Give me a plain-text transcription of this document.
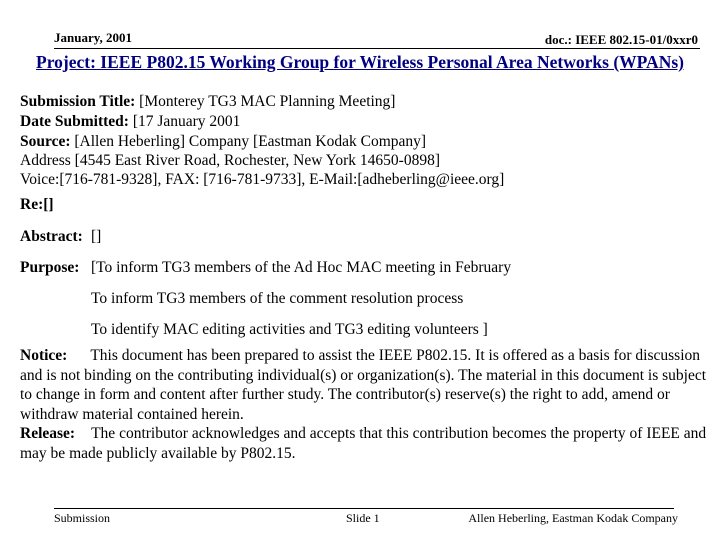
January, 2001	doc.: IEEE 802.15-01/0xxr0
Project: IEEE P802.15 Working Group for Wireless Personal Area Networks (WPANs)
Submission Title: [Monterey TG3 MAC Planning Meeting]
Date Submitted: [17 January 2001
Source: [Allen Heberling] Company [Eastman Kodak Company]
Address [4545 East River Road, Rochester, New York 14650-0898]
Voice:[716-781-9328], FAX: [716-781-9733], E-Mail:[adheberling@ieee.org]
Re:[]
Abstract: []
Purpose: [To inform TG3 members of the Ad Hoc MAC meeting in February
To inform TG3 members of the comment resolution process
To identify MAC editing activities and TG3 editing volunteers ]
Notice: This document has been prepared to assist the IEEE P802.15. It is offered as a basis for discussion and is not binding on the contributing individual(s) or organization(s). The material in this document is subject to change in form and content after further study. The contributor(s) reserve(s) the right to add, amend or withdraw material contained herein.
Release: The contributor acknowledges and accepts that this contribution becomes the property of IEEE and may be made publicly available by P802.15.
Submission	Slide 1	Allen Heberling, Eastman Kodak Company
